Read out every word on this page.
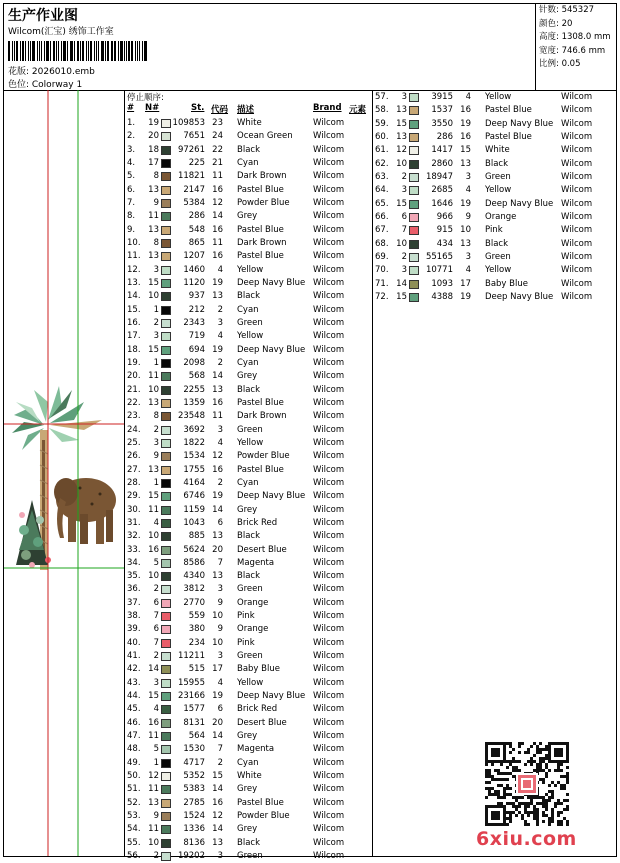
生产作业图
Wilcom(汇宝) 绣饰工作室
花版: 2026010.emb
色位: Colorway 1
针数: 545327
颜色: 20
高度: 1308.0 mm
宽度: 746.6 mm
比例: 0.05
停止顺序:
# N#	St. 代码 描述	Brand 元素
1.	19 109853 23 White	Wilcom
2.	20	7651 24 Ocean Green Wilcom
3.	18	97261 22 Black	Wilcom
4.	17	225 21 Cyan	Wilcom
5.	8	11821 11 Dark Brown	Wilcom
6.	13	2147 16 Pastel Blue	Wilcom
7.	9	5384 12 Powder Blue	Wilcom
8.	11	286 14 Grey	Wilcom
9.	13	548 16 Pastel Blue	Wilcom
10.	8	865 11 Dark Brown	Wilcom
11. 13	1207 16 Pastel Blue	Wilcom
12.	3	1460	4 Yellow	Wilcom
13. 15	1120 19 Deep Navy Blue Wilcom
14. 10	937 13 Black	Wilcom
15.	1	212	2 Cyan	Wilcom
16.	2	2343	3 Green	Wilcom
17.	3	719	4 Yellow	Wilcom
18. 15	694 19 Deep Navy Blue Wilcom
19.	1	2098	2 Cyan	Wilcom
20. 11	568 14 Grey	Wilcom
21. 10	2255 13 Black	Wilcom
22. 13	1359 16 Pastel Blue	Wilcom
23.	8	23548 11 Dark Brown	Wilcom
24.	2	3692	3 Green	Wilcom
25.	3	1822	4 Yellow	Wilcom
26.	9	1534 12 Powder Blue	Wilcom
27. 13	1755 16 Pastel Blue	Wilcom
28.	1	4164	2 Cyan	Wilcom
29. 15	6746 19 Deep Navy Blue Wilcom
30. 11	1159 14 Grey	Wilcom
31.	4	1043	6 Brick Red	Wilcom
32. 10	885 13 Black	Wilcom
33. 16	5624 20 Desert Blue	Wilcom
34.	5	8586	7 Magenta	Wilcom
35. 10	4340 13 Black	Wilcom
36.	2	3812	3 Green	Wilcom
37.	6	2770	9 Orange	Wilcom
38.	7	559 10 Pink	Wilcom
39.	6	380	9 Orange	Wilcom
40.	7	234 10 Pink	Wilcom
41.	2	11211	3 Green	Wilcom
42. 14	515 17 Baby Blue	Wilcom
43.	3	15955	4 Yellow	Wilcom
44. 15	23166 19 Deep Navy Blue Wilcom
45.	4	1577	6 Brick Red	Wilcom
46. 16	8131 20 Desert Blue	Wilcom
47. 11	564 14 Grey	Wilcom
48.	5	1530	7 Magenta	Wilcom
49.	1	4717	2 Cyan	Wilcom
50. 12	5352 15 White	Wilcom
51. 11	5383 14 Grey	Wilcom
52. 13	2785 16 Pastel Blue	Wilcom
53.	9	1524 12 Powder Blue	Wilcom
54. 11	1336 14 Grey	Wilcom
55. 10	8136 13 Black	Wilcom
56.	2	19202	3 Green	Wilcom
57.	3	3915	4 Yellow	Wilcom
58. 13	1537 16 Pastel Blue	Wilcom
59. 15	3550 19 Deep Navy Blue Wilcom
60. 13	286 16 Pastel Blue	Wilcom
61. 12	1417 15 White	Wilcom
62. 10	2860 13 Black	Wilcom
63.	2	18947	3 Green	Wilcom
64.	3	2685	4 Yellow	Wilcom
65. 15	1646 19 Deep Navy Blue Wilcom
66.	6	966	9 Orange	Wilcom
67.	7	915 10 Pink	Wilcom
68. 10	434 13 Black	Wilcom
69.	2	55165	3 Green	Wilcom
70.	3	10771	4 Yellow	Wilcom
71. 14	1093 17 Baby Blue	Wilcom
72. 15	4388 19 Deep Navy Blue Wilcom
6xiu.com
